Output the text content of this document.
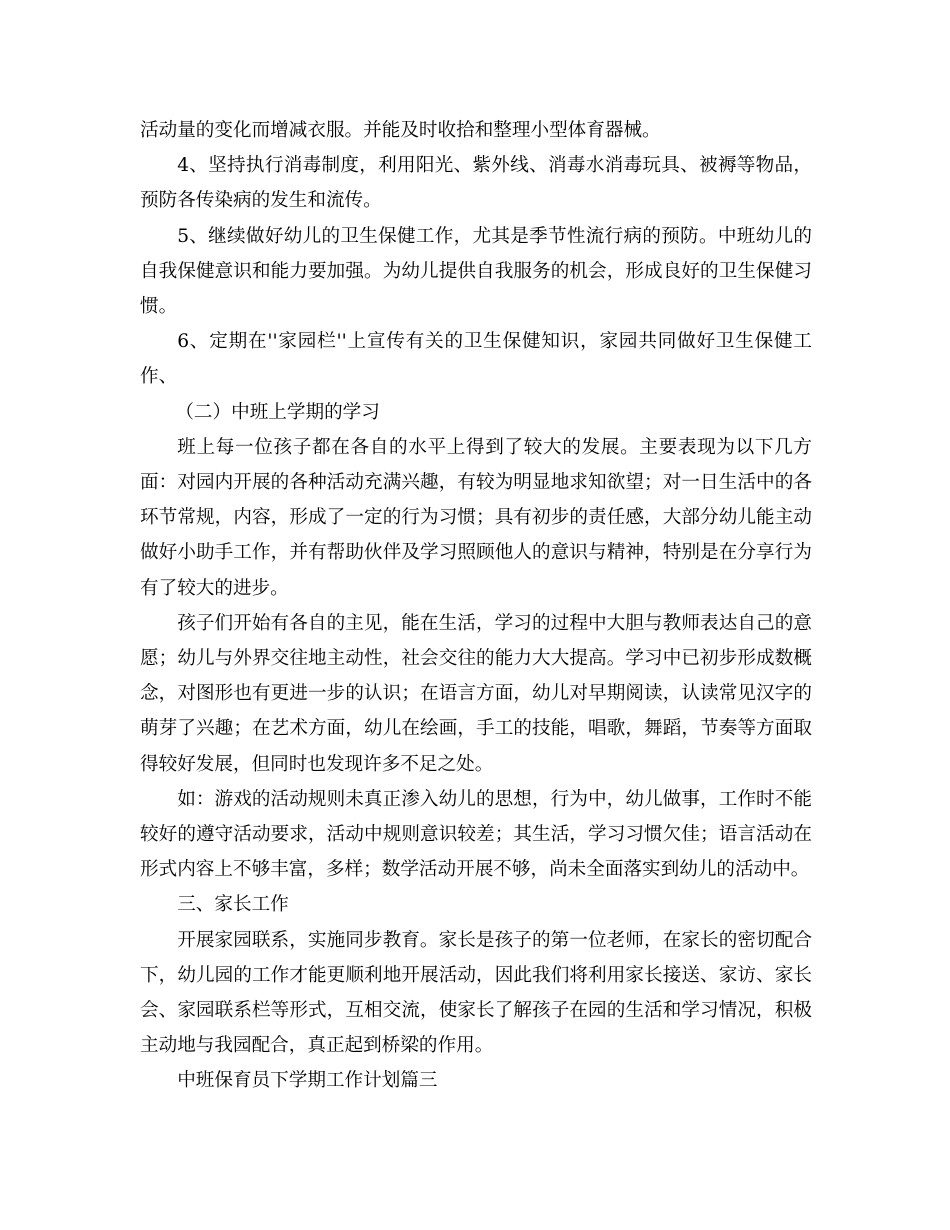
活动量的变化而增减衣服。并能及时收拾和整理小型体育器械。

4、坚持执行消毒制度，利用阳光、紫外线、消毒水消毒玩具、被褥等物品，预防各传染病的发生和流传。

5、继续做好幼儿的卫生保健工作，尤其是季节性流行病的预防。中班幼儿的自我保健意识和能力要加强。为幼儿提供自我服务的机会，形成良好的卫生保健习惯。

6、定期在''家园栏''上宣传有关的卫生保健知识，家园共同做好卫生保健工作、

（二）中班上学期的学习

班上每一位孩子都在各自的水平上得到了较大的发展。主要表现为以下几方面：对园内开展的各种活动充满兴趣，有较为明显地求知欲望；对一日生活中的各环节常规，内容，形成了一定的行为习惯；具有初步的责任感，大部分幼儿能主动做好小助手工作，并有帮助伙伴及学习照顾他人的意识与精神，特别是在分享行为有了较大的进步。

孩子们开始有各自的主见，能在生活，学习的过程中大胆与教师表达自己的意愿；幼儿与外界交往地主动性，社会交往的能力大大提高。学习中已初步形成数概念，对图形也有更进一步的认识；在语言方面，幼儿对早期阅读，认读常见汉字的萌芽了兴趣；在艺术方面，幼儿在绘画，手工的技能，唱歌，舞蹈，节奏等方面取得较好发展，但同时也发现许多不足之处。

如：游戏的活动规则未真正渗入幼儿的思想，行为中，幼儿做事，工作时不能较好的遵守活动要求，活动中规则意识较差；其生活，学习习惯欠佳；语言活动在形式内容上不够丰富，多样；数学活动开展不够，尚未全面落实到幼儿的活动中。

三、家长工作

开展家园联系，实施同步教育。家长是孩子的第一位老师，在家长的密切配合下，幼儿园的工作才能更顺利地开展活动，因此我们将利用家长接送、家访、家长会、家园联系栏等形式，互相交流，使家长了解孩子在园的生活和学习情况，积极主动地与我园配合，真正起到桥梁的作用。

中班保育员下学期工作计划篇三
